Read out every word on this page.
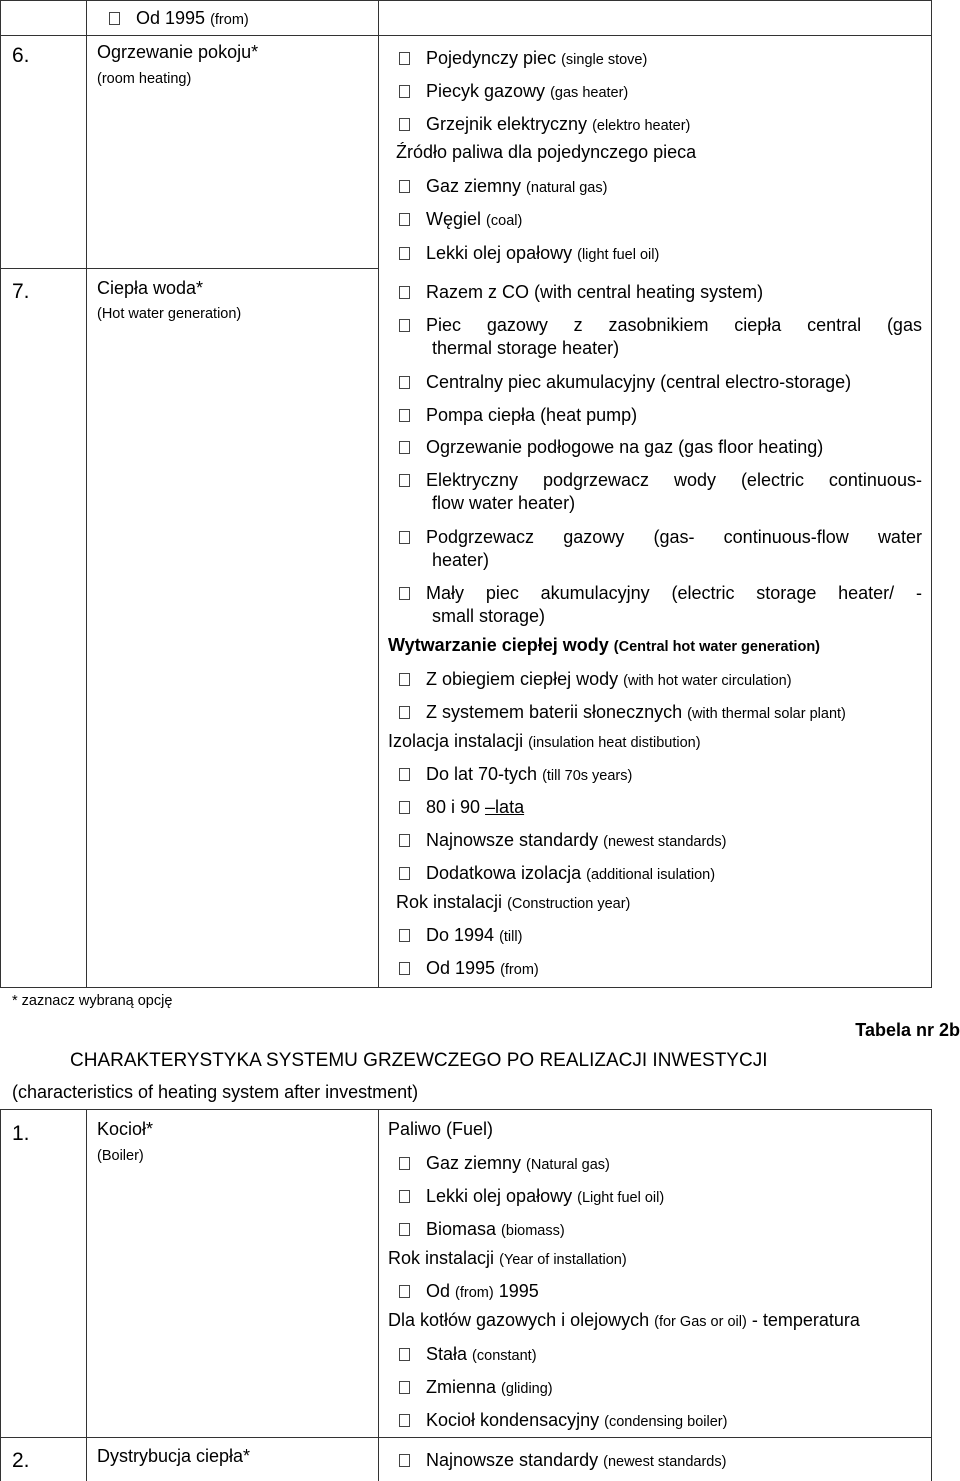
Od 1995 (from)
6.	Ogrzewanie pokoju*
(room heating)
Pojedynczy piec (single stove)
Piecyk gazowy (gas heater)
Grzejnik elektryczny (elektro heater)
Źródło paliwa dla pojedynczego pieca
Gaz ziemny (natural gas)
Węgiel (coal)
Lekki olej opałowy (light fuel oil)
7.	Ciepła woda*
(Hot water generation)
Razem z CO (with central heating system)
Piec gazowy z zasobnikiem ciepła central (gas
thermal storage heater)
Centralny piec akumulacyjny (central electro-storage)
Pompa ciepła (heat pump)
Ogrzewanie podłogowe na gaz (gas floor heating)
Elektryczny podgrzewacz wody (electric continuous-
flow water heater)
Podgrzewacz gazowy (gas- continuous-flow water
heater)
Mały piec akumulacyjny (electric storage heater/ -
small storage)
Wytwarzanie ciepłej wody (Central hot water generation)
Z obiegiem ciepłej wody (with hot water circulation)
Z systemem baterii słonecznych (with thermal solar plant)
Izolacja instalacji (insulation heat distibution)
Do lat 70-tych (till 70s years)
80 i 90 –lata
Najnowsze standardy (newest standards)
Dodatkowa izolacja (additional isulation)
Rok instalacji (Construction year)
Do 1994 (till)
Od 1995 (from)
* zaznacz wybraną opcję
Tabela nr 2b
CHARAKTERYSTYKA SYSTEMU GRZEWCZEGO PO REALIZACJI INWESTYCJI
(characteristics of heating system after investment)
1.	Kocioł*
(Boiler)
Paliwo (Fuel)
Gaz ziemny (Natural gas)
Lekki olej opałowy (Light fuel oil)
Biomasa (biomass)
Rok instalacji (Year of installation)
Od (from) 1995
Dla kotłów gazowych i olejowych (for Gas or oil) - temperatura
Stała (constant)
Zmienna (gliding)
Kocioł kondensacyjny (condensing boiler)
2.	Dystrybucja ciepła*	Najnowsze standardy (newest standards)
